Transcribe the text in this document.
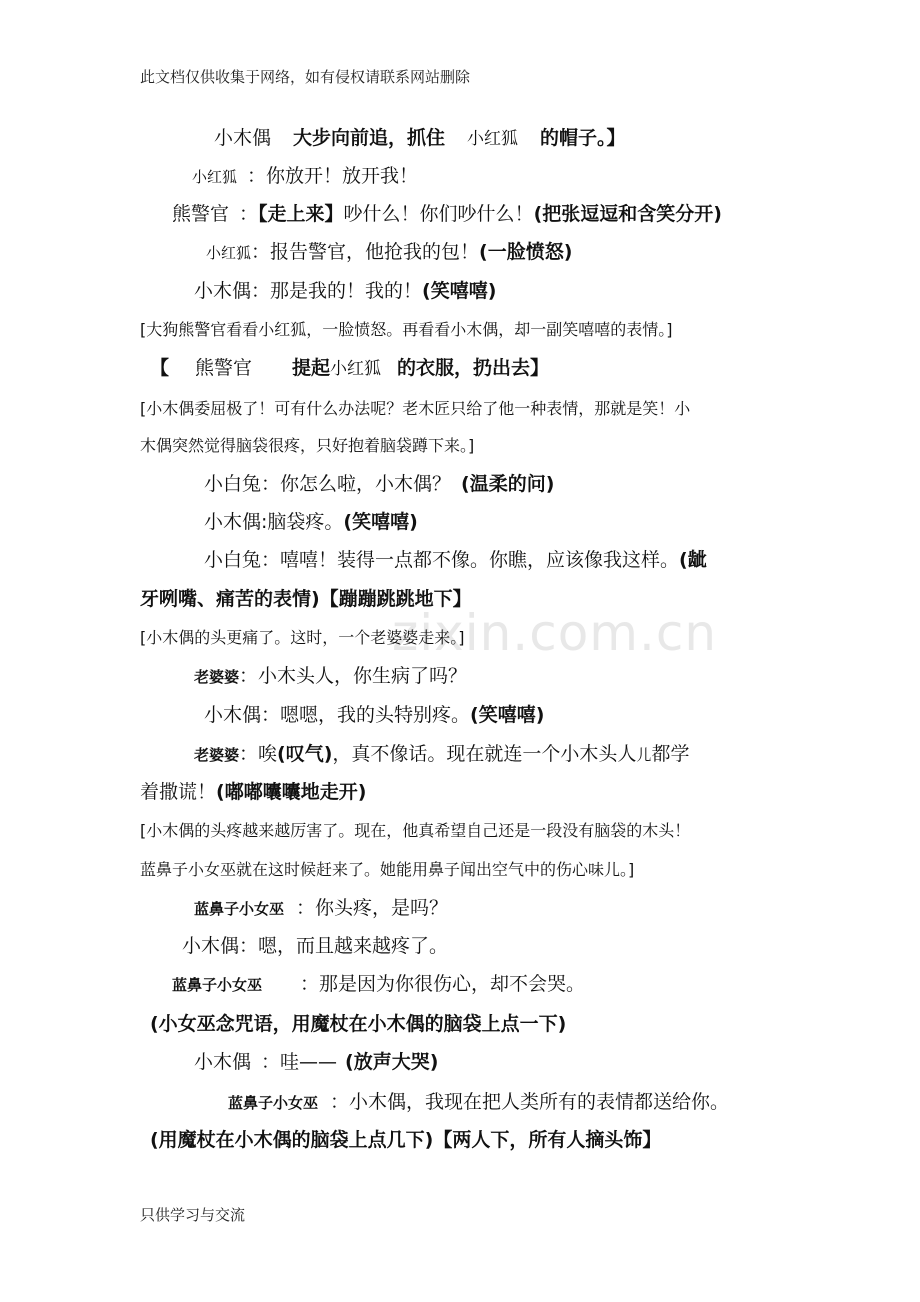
此文档仅供收集于网络，如有侵权请联系网站删除
zixin.com.cn
小木偶 大步向前追，抓住 小红狐 的帽子。】
小红狐 ：你放开！放开我！
熊警官 ：【走上来】吵什么！你们吵什么！(把张逗逗和含笑分开)
小红狐：报告警官，他抢我的包！(一脸愤怒)
小木偶：那是我的！我的！(笑嘻嘻)
[大狗熊警官看看小红狐，一脸愤怒。再看看小木偶，却一副笑嘻嘻的表情。]
【 熊警官 提起小红狐 的衣服，扔出去】
[小木偶委屈极了！可有什么办法呢？老木匠只给了他一种表情，那就是笑！小
木偶突然觉得脑袋很疼，只好抱着脑袋蹲下来。]
小白兔：你怎么啦，小木偶？ (温柔的问)
小木偶:脑袋疼。(笑嘻嘻)
小白兔：嘻嘻！装得一点都不像。你瞧，应该像我这样。(龇
牙咧嘴、痛苦的表情)【蹦蹦跳跳地下】
[小木偶的头更痛了。这时，一个老婆婆走来。]
老婆婆：小木头人，你生病了吗？
小木偶：嗯嗯，我的头特别疼。(笑嘻嘻)
老婆婆：唉(叹气)，真不像话。现在就连一个小木头人儿都学
着撒谎！(嘟嘟囔囔地走开)
[小木偶的头疼越来越厉害了。现在，他真希望自己还是一段没有脑袋的木头！
蓝鼻子小女巫就在这时候赶来了。她能用鼻子闻出空气中的伤心味儿。]
蓝鼻子小女巫 ：你头疼，是吗？
小木偶：嗯，而且越来越疼了。
蓝鼻子小女巫 ：那是因为你很伤心，却不会哭。
(小女巫念咒语，用魔杖在小木偶的脑袋上点一下)
小木偶 ：哇—— (放声大哭)
蓝鼻子小女巫 ：小木偶，我现在把人类所有的表情都送给你。
(用魔杖在小木偶的脑袋上点几下)【两人下，所有人摘头饰】
只供学习与交流
